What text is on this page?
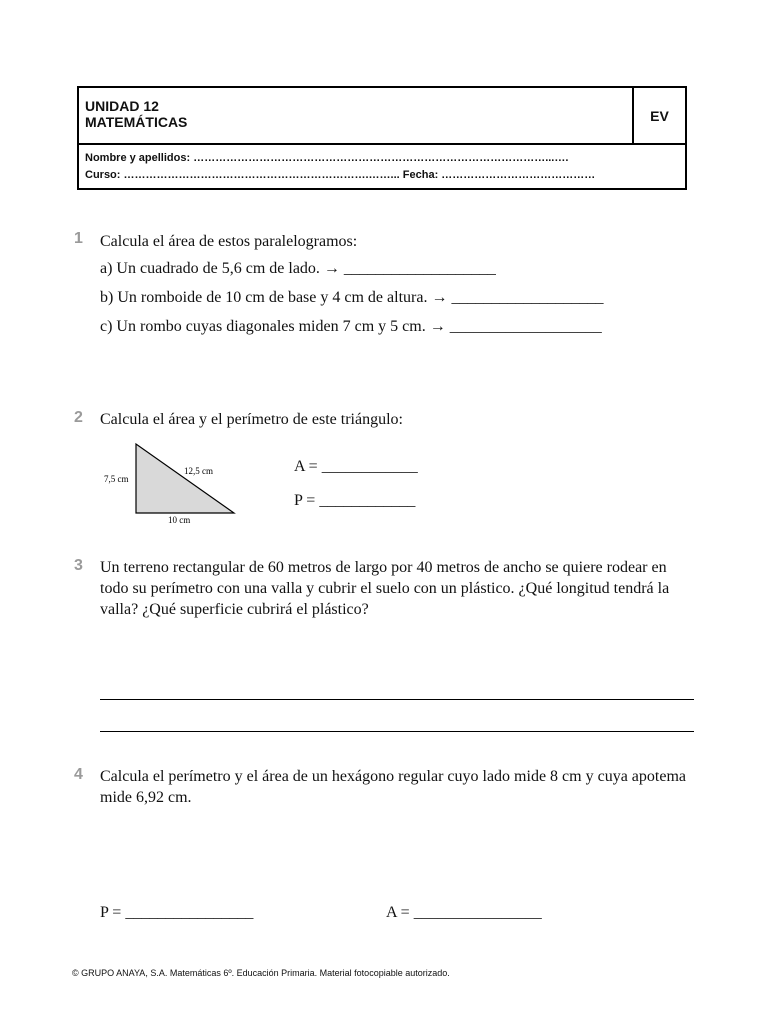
UNIDAD 12
MATEMÁTICAS	EV
Nombre y apellidos: ……………………………………………………………………………………...….
Curso: ………………………………………………………….……... Fecha: ……………………………………
1 Calcula el área de estos paralelogramos:
a) Un cuadrado de 5,6 cm de lado. → ___________________
b) Un romboide de 10 cm de base y 4 cm de altura. → ___________________
c) Un rombo cuyas diagonales miden 7 cm y 5 cm. → ___________________
2 Calcula el área y el perímetro de este triángulo:
7,5 cm
12,5 cm
10 cm
A = ____________
P = ____________
3 Un terreno rectangular de 60 metros de largo por 40 metros de ancho se quiere rodear en todo su perímetro con una valla y cubrir el suelo con un plástico. ¿Qué longitud tendrá la valla? ¿Qué superficie cubrirá el plástico?
4 Calcula el perímetro y el área de un hexágono regular cuyo lado mide 8 cm y cuya apotema mide 6,92 cm.
P = ________________	A = ________________
© GRUPO ANAYA, S.A. Matemáticas 6º. Educación Primaria. Material fotocopiable autorizado.
